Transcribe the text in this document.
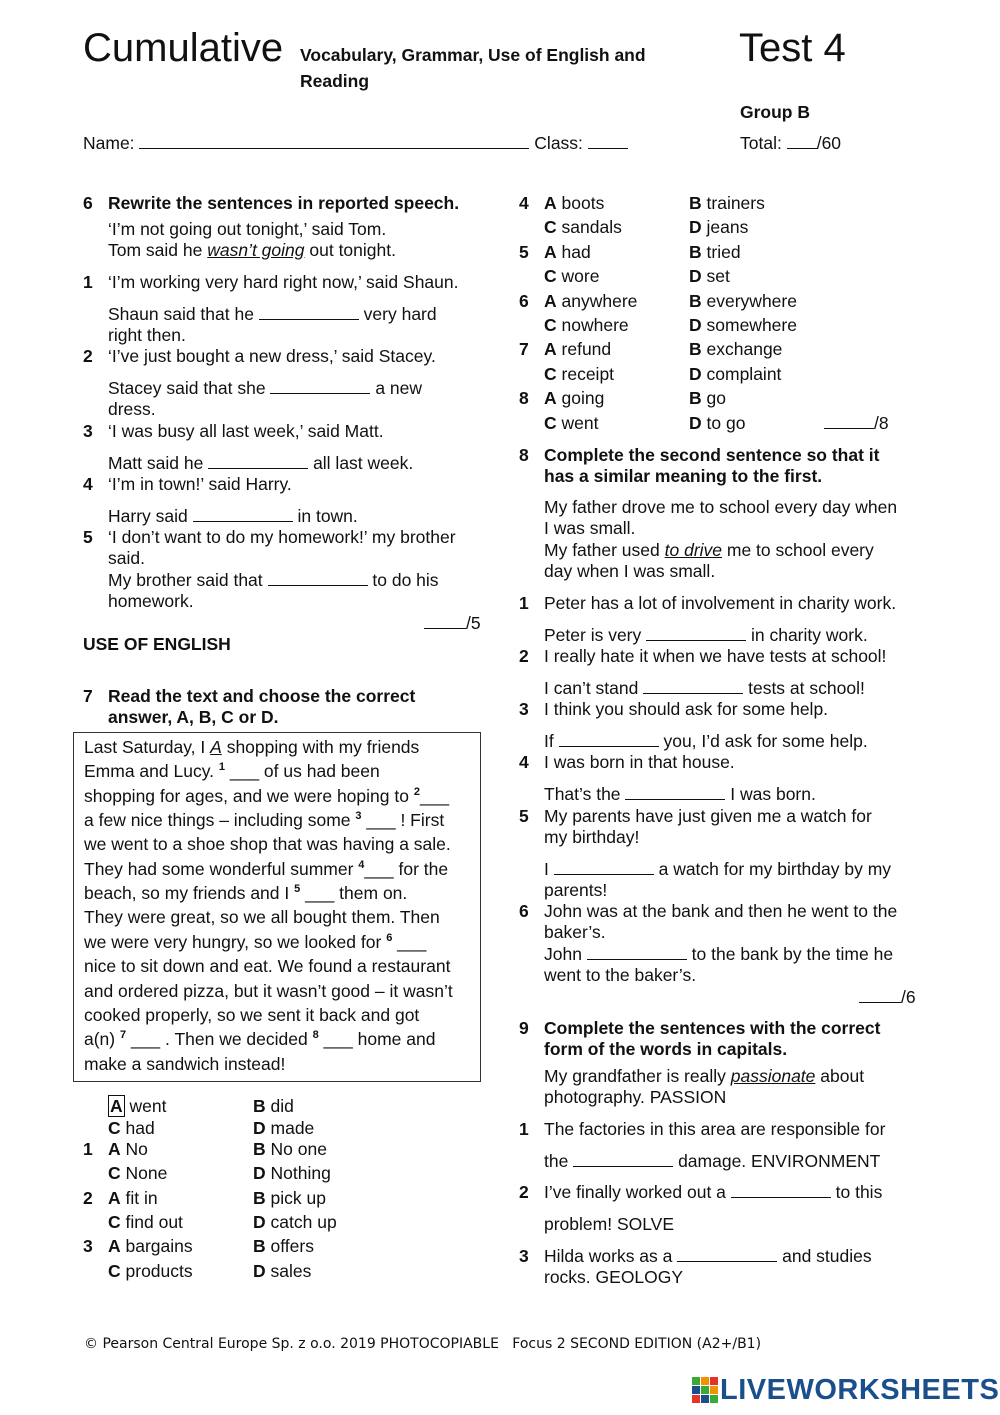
Cumulative Vocabulary, Grammar, Use of English and
Reading
Test 4
Group B
Name:	Class:	Total: /60
6 Rewrite the sentences in reported speech.
‘I’m not going out tonight,’ said Tom.
Tom said he wasn’t going out tonight.
1 ‘I’m working very hard right now,’ said Shaun.
Shaun said that he	very hard
right then.
2 ‘I’ve just bought a new dress,’ said Stacey.
Stacey said that she	a new
dress.
3 ‘I was busy all last week,’ said Matt.
Matt said he	all last week.
4 ‘I’m in town!’ said Harry.
Harry said	in town.
5 ‘I don’t want to do my homework!’ my brother
said.
My brother said that	to do his
homework.
/5
USE OF ENGLISH
7 Read the text and choose the correct
answer, A, B, C or D.
Last Saturday, I A shopping with my friends
Emma and Lucy. $^1$ ___ of us had been
shopping for ages, and we were hoping to $^2$___
a few nice things – including some $^3$ ___ ! First
we went to a shoe shop that was having a sale.
They had some wonderful summer $^4$___ for the
beach, so my friends and I $^5$ ___ them on.
They were great, so we all bought them. Then
we were very hungry, so we looked for $^6$ ___
nice to sit down and eat. We found a restaurant
and ordered pizza, but it wasn’t good – it wasn’t
cooked properly, so we sent it back and got
a(n) $^7$ ___ . Then we decided $^8$ ___ home and
make a sandwich instead!
A went	B did
C had	D made
1 A No	B No one
C None	D Nothing
2 A fit in	B pick up
C find out	D catch up
3 A bargains	B offers
C products	D sales
4 A boots	B trainers
C sandals	D jeans
5 A had	B tried
C wore	D set
6 A anywhere	B everywhere
C nowhere	D somewhere
7 A refund	B exchange
C receipt	D complaint
8 A going	B go
C went	D to go	/8
8 Complete the second sentence so that it
has a similar meaning to the first.
My father drove me to school every day when
I was small.
My father used to drive me to school every
day when I was small.
1 Peter has a lot of involvement in charity work.
Peter is very	in charity work.
2 I really hate it when we have tests at school!
I can’t stand	tests at school!
3 I think you should ask for some help.
If	you, I’d ask for some help.
4 I was born in that house.
That’s the	I was born.
5 My parents have just given me a watch for
my birthday!
I	a watch for my birthday by my
parents!
6 John was at the bank and then he went to the
baker’s.
John	to the bank by the time he
went to the baker’s.
/6
9 Complete the sentences with the correct
form of the words in capitals.
My grandfather is really passionate about
photography. PASSION
1 The factories in this area are responsible for
the	damage. ENVIRONMENT
2 I’ve finally worked out a	to this
problem! SOLVE
3 Hilda works as a	and studies
rocks. GEOLOGY
© Pearson Central Europe Sp. z o.o. 2019 PHOTOCOPIABLE   Focus 2 SECOND EDITION (A2+/B1)
LIVEWORKSHEETS
